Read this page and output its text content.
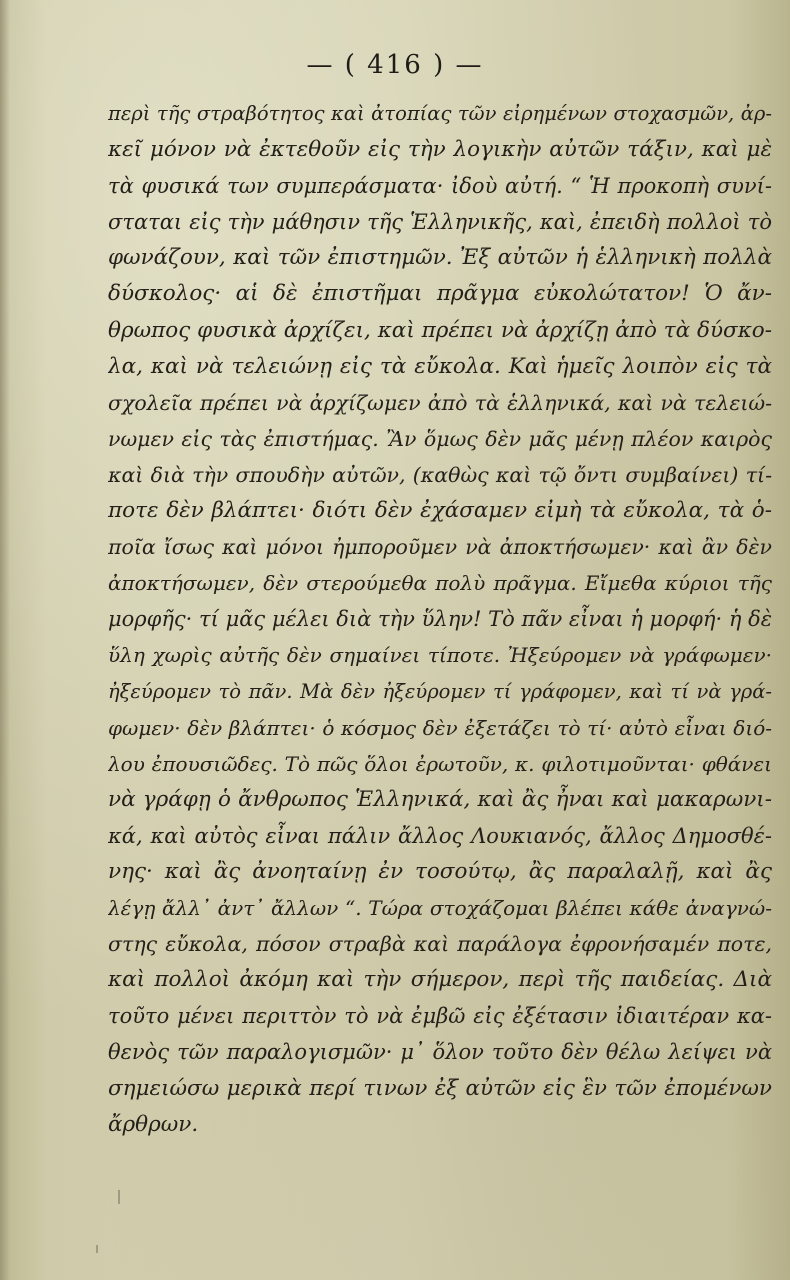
— ( 416 ) —
περὶ τῆς στραβότητος καὶ ἀτοπίας τῶν εἰρημένων στοχασμῶν, ἀρ-
κεῖ μόνον νὰ ἐκτεθοῦν εἰς τὴν λογικὴν αὐτῶν τάξιν, καὶ μὲ
τὰ φυσικά των συμπεράσματα· ἰδοὺ αὐτή. “ Ἡ προκοπὴ συνί-
σταται εἰς τὴν μάθησιν τῆς Ἑλληνικῆς, καὶ, ἐπειδὴ πολλοὶ τὸ
φωνάζουν, καὶ τῶν ἐπιστημῶν. Ἐξ αὐτῶν ἡ ἑλληνικὴ πολλὰ
δύσκολος· αἱ δὲ ἐπιστῆμαι πρᾶγμα εὐκολώτατον! Ὁ ἄν-
θρωπος φυσικὰ ἀρχίζει, καὶ πρέπει νὰ ἀρχίζῃ ἀπὸ τὰ δύσκο-
λα, καὶ νὰ τελειώνῃ εἰς τὰ εὔκολα. Καὶ ἡμεῖς λοιπὸν εἰς τὰ
σχολεῖα πρέπει νὰ ἀρχίζωμεν ἀπὸ τὰ ἑλληνικά, καὶ νὰ τελειώ-
νωμεν εἰς τὰς ἐπιστήμας. Ἂν ὅμως δὲν μᾶς μένῃ πλέον καιρὸς
καὶ διὰ τὴν σπουδὴν αὐτῶν, (καθὼς καὶ τῷ ὄντι συμβαίνει) τί-
ποτε δὲν βλάπτει· διότι δὲν ἐχάσαμεν εἰμὴ τὰ εὔκολα, τὰ ὁ-
ποῖα ἴσως καὶ μόνοι ἠμποροῦμεν νὰ ἀποκτήσωμεν· καὶ ἂν δὲν
ἀποκτήσωμεν, δὲν στερούμεθα πολὺ πρᾶγμα. Εἴμεθα κύριοι τῆς
μορφῆς· τί μᾶς μέλει διὰ τὴν ὕλην! Τὸ πᾶν εἶναι ἡ μορφή· ἡ δὲ
ὕλη χωρὶς αὐτῆς δὲν σημαίνει τίποτε. Ἠξεύρομεν νὰ γράφωμεν·
ἠξεύρομεν τὸ πᾶν. Μὰ δὲν ἠξεύρομεν τί γράφομεν, καὶ τί νὰ γρά-
φωμεν· δὲν βλάπτει· ὁ κόσμος δὲν ἐξετάζει τὸ τί· αὐτὸ εἶναι διό-
λου ἐπουσιῶδες. Τὸ πῶς ὅλοι ἐρωτοῦν, κ. φιλοτιμοῦνται· φθάνει
νὰ γράφῃ ὁ ἄνθρωπος Ἑλληνικά, καὶ ἂς ἦναι καὶ μακαρωνι-
κά, καὶ αὐτὸς εἶναι πάλιν ἄλλος Λουκιανός, ἄλλος Δημοσθέ-
νης· καὶ ἂς ἀνοηταίνῃ ἐν τοσούτῳ, ἂς παραλαλῇ, καὶ ἂς
λέγῃ ἄλλ᾽ ἀντ᾽ ἄλλων “. Τώρα στοχάζομαι βλέπει κάθε ἀναγνώ-
στης εὔκολα, πόσον στραβὰ καὶ παράλογα ἐφρονήσαμέν ποτε,
καὶ πολλοὶ ἀκόμη καὶ τὴν σήμερον, περὶ τῆς παιδείας. Διὰ
τοῦτο μένει περιττὸν τὸ νὰ ἐμβῶ εἰς ἐξέτασιν ἰδιαιτέραν κα-
θενὸς τῶν παραλογισμῶν· μ᾽ ὅλον τοῦτο δὲν θέλω λείψει νὰ
σημειώσω μερικὰ περί τινων ἐξ αὐτῶν εἰς ἓν τῶν ἐπομένων
ἄρθρων.
